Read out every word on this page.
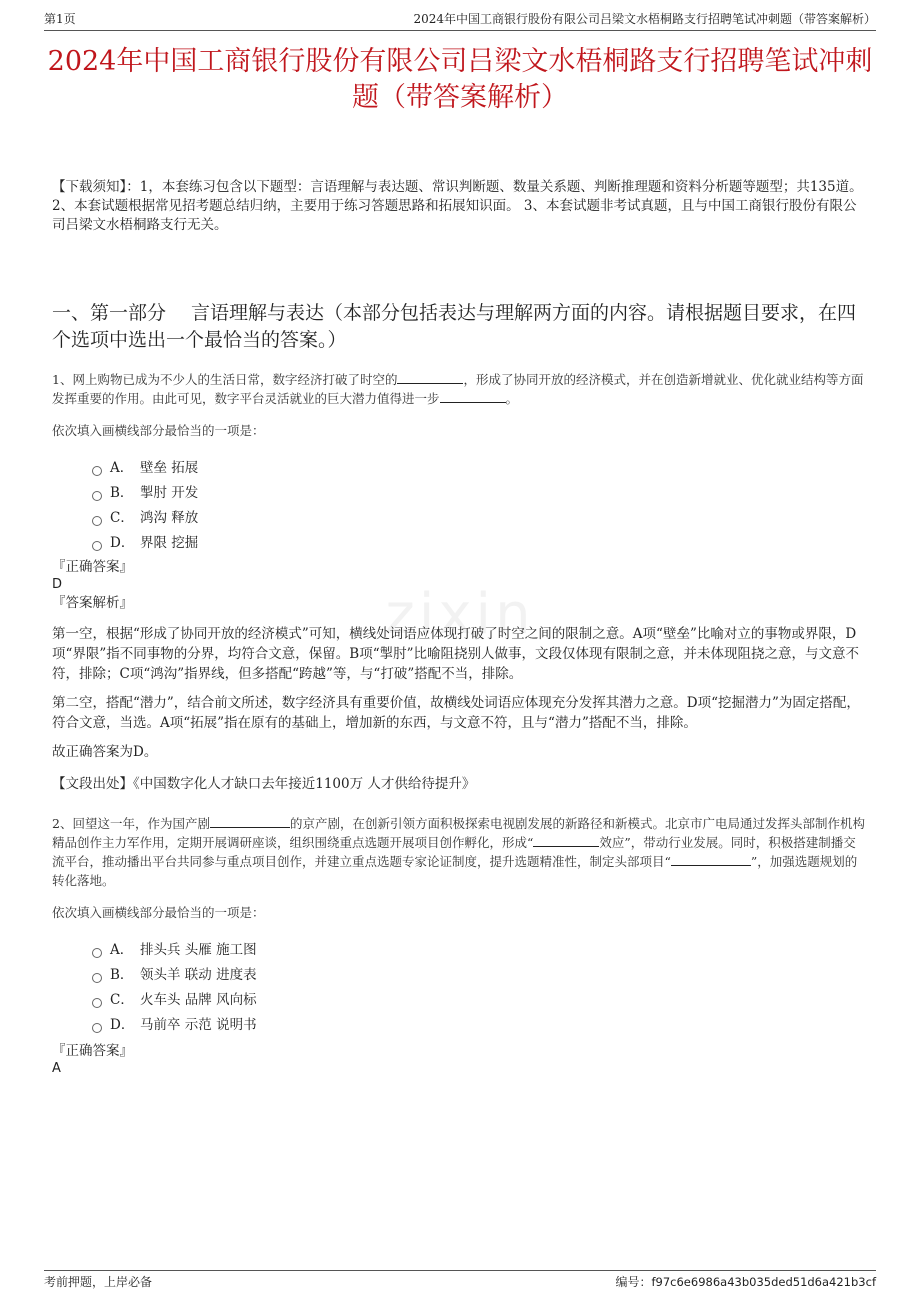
第1页	2024年中国工商银行股份有限公司吕梁文水梧桐路支行招聘笔试冲刺题（带答案解析）
2024年中国工商银行股份有限公司吕梁文水梧桐路支行招聘笔试冲刺题（带答案解析）
zixin

【下载须知】：1，本套练习包含以下题型：言语理解与表达题、常识判断题、数量关系题、判断推理题和资料分析题等题型；共135道。 2、本套试题根据常见招考题总结归纳，主要用于练习答题思路和拓展知识面。 3、本套试题非考试真题，且与中国工商银行股份有限公司吕梁文水梧桐路支行无关。

一、第一部分　 言语理解与表达（本部分包括表达与理解两方面的内容。请根据题目要求，在四个选项中选出一个最恰当的答案。）

1、网上购物已成为不少人的生活日常，数字经济打破了时空的	，形成了协同开放的经济模式，并在创造新增就业、优化就业结构等方面发挥重要的作用。由此可见，数字平台灵活就业的巨大潜力值得进一步	。

依次填入画横线部分最恰当的一项是：

A． 壁垒 拓展
B． 掣肘 开发
C． 鸿沟 释放
D． 界限 挖掘

『正确答案』

D

『答案解析』

第一空，根据“形成了协同开放的经济模式”可知，横线处词语应体现打破了时空之间的限制之意。A项“壁垒”比喻对立的事物或界限，D项“界限”指不同事物的分界，均符合文意，保留。B项“掣肘”比喻阻挠别人做事，文段仅体现有限制之意，并未体现阻挠之意，与文意不符，排除；C项“鸿沟”指界线，但多搭配“跨越”等，与“打破”搭配不当，排除。

第二空，搭配“潜力”，结合前文所述，数字经济具有重要价值，故横线处词语应体现充分发挥其潜力之意。D项“挖掘潜力”为固定搭配，符合文意，当选。A项“拓展”指在原有的基础上，增加新的东西，与文意不符，且与“潜力”搭配不当，排除。

故正确答案为D。

【文段出处】《中国数字化人才缺口去年接近1100万 人才供给待提升》

2、回望这一年，作为国产剧	的京产剧，在创新引领方面积极探索电视剧发展的新路径和新模式。北京市广电局通过发挥头部制作机构精品创作主力军作用，定期开展调研座谈，组织围绕重点选题开展项目创作孵化，形成“	效应”，带动行业发展。同时，积极搭建制播交流平台，推动播出平台共同参与重点项目创作，并建立重点选题专家论证制度，提升选题精准性，制定头部项目“	”，加强选题规划的转化落地。

依次填入画横线部分最恰当的一项是：

A． 排头兵 头雁 施工图
B． 领头羊 联动 进度表
C． 火车头 品牌 风向标
D． 马前卒 示范 说明书

『正确答案』

A

考前押题，上岸必备	编号：f97c6e6986a43b035ded51d6a421b3cf
